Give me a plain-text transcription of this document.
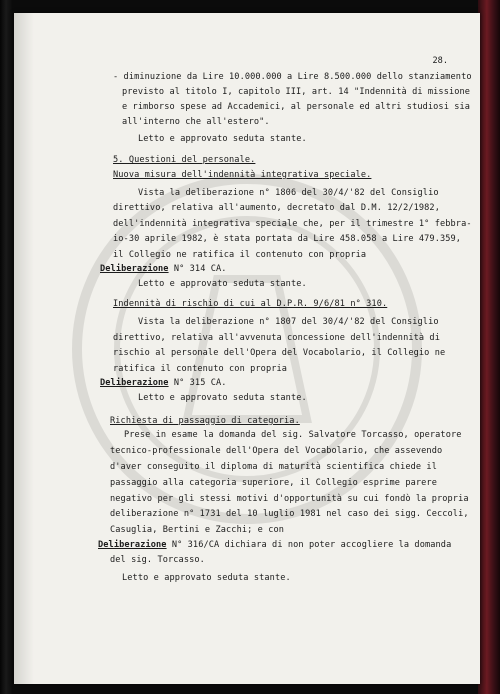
28.
- diminuzione da Lire 10.000.000 a Lire 8.500.000 dello stanziamento
previsto al titolo I, capitolo III, art. 14 "Indennità di missione
e rimborso spese ad Accademici, al personale ed altri studiosi sia
all'interno che all'estero".
Letto e approvato seduta stante.
5. Questioni del personale.
Nuova misura dell'indennità integrativa speciale.
Vista la deliberazione n° 1806 del 30/4/'82 del Consiglio
direttivo, relativa all'aumento, decretato dal D.M. 12/2/1982,
dell'indennità integrativa speciale che, per il trimestre 1° febbra-
io-30 aprile 1982, è stata portata da Lire 458.058 a Lire 479.359,
il Collegio ne ratifica il contenuto con propria
Deliberazione N° 314 CA.
Letto e approvato seduta stante.
Indennità di rischio di cui al D.P.R. 9/6/81 n° 310.
Vista la deliberazione n° 1807 del 30/4/'82 del Consiglio
direttivo, relativa all'avvenuta concessione dell'indennità di
rischio al personale dell'Opera del Vocabolario, il Collegio ne
ratifica il contenuto con propria
Deliberazione N° 315 CA.
Letto e approvato seduta stante.
Richiesta di passaggio di categoria.
Prese in esame la domanda del sig. Salvatore Torcasso, operatore
tecnico-professionale dell'Opera del Vocabolario, che assevendo
d'aver conseguito il diploma di maturità scientifica chiede il
passaggio alla categoria superiore, il Collegio esprime parere
negativo per gli stessi motivi d'opportunità su cui fondò la propria
deliberazione n° 1731 del 10 luglio 1981 nel caso dei sigg. Ceccoli,
Casuglia, Bertini e Zacchi; e con
Deliberazione N° 316/CA dichiara di non poter accogliere la domanda
del sig. Torcasso.
Letto e approvato seduta stante.
